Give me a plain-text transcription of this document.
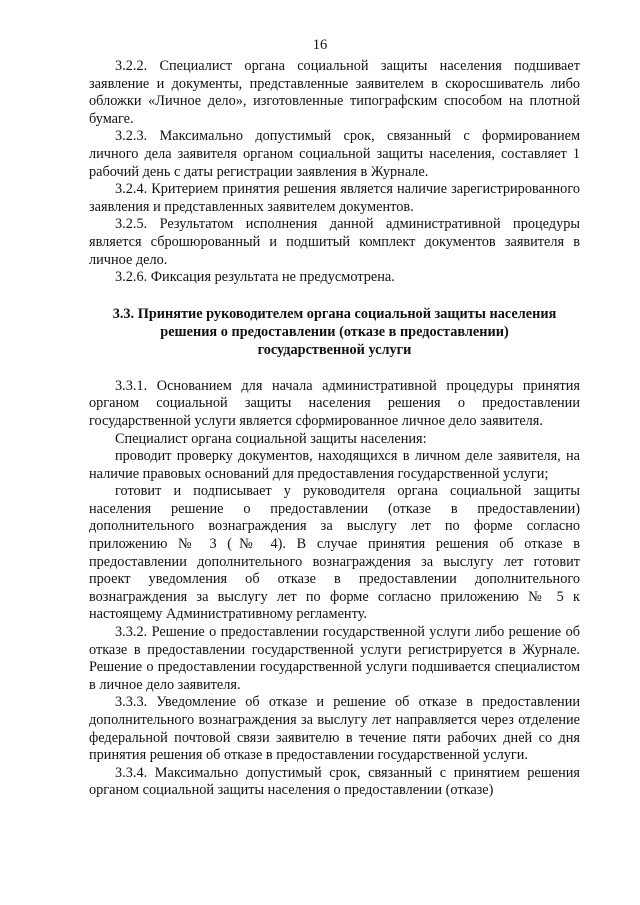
16

3.2.2. Специалист органа социальной защиты населения подшивает заявление и документы, представленные заявителем в скоросшиватель либо обложки «Личное дело», изготовленные типографским способом на плотной бумаге.

3.2.3. Максимально допустимый срок, связанный с формированием личного дела заявителя органом социальной защиты населения, составляет 1 рабочий день с даты регистрации заявления в Журнале.

3.2.4. Критерием принятия решения является наличие зарегистрированного заявления и представленных заявителем документов.

3.2.5. Результатом исполнения данной административной процедуры является сброшюрованный и подшитый комплект документов заявителя в личное дело.

3.2.6. Фиксация результата не предусмотрена.

3.3. Принятие руководителем органа социальной защиты населения решения о предоставлении (отказе в предоставлении) государственной услуги

3.3.1. Основанием для начала административной процедуры принятия органом социальной защиты населения решения о предоставлении государственной услуги является сформированное личное дело заявителя.

Специалист органа социальной защиты населения:

проводит проверку документов, находящихся в личном деле заявителя, на наличие правовых оснований для предоставления государственной услуги;

готовит и подписывает у руководителя органа социальной защиты населения решение о предоставлении (отказе в предоставлении) дополнительного вознаграждения за выслугу лет по форме согласно приложению № 3 (№ 4). В случае принятия решения об отказе в предоставлении дополнительного вознаграждения за выслугу лет готовит проект уведомления об отказе в предоставлении дополнительного вознаграждения за выслугу лет по форме согласно приложению № 5 к настоящему Административному регламенту.

3.3.2. Решение о предоставлении государственной услуги либо решение об отказе в предоставлении государственной услуги регистрируется в Журнале. Решение о предоставлении государственной услуги подшивается специалистом в личное дело заявителя.

3.3.3. Уведомление об отказе и решение об отказе в предоставлении дополнительного вознаграждения за выслугу лет направляется через отделение федеральной почтовой связи заявителю в течение пяти рабочих дней со дня принятия решения об отказе в предоставлении государственной услуги.

3.3.4. Максимально допустимый срок, связанный с принятием решения органом социальной защиты населения о предоставлении (отказе)
